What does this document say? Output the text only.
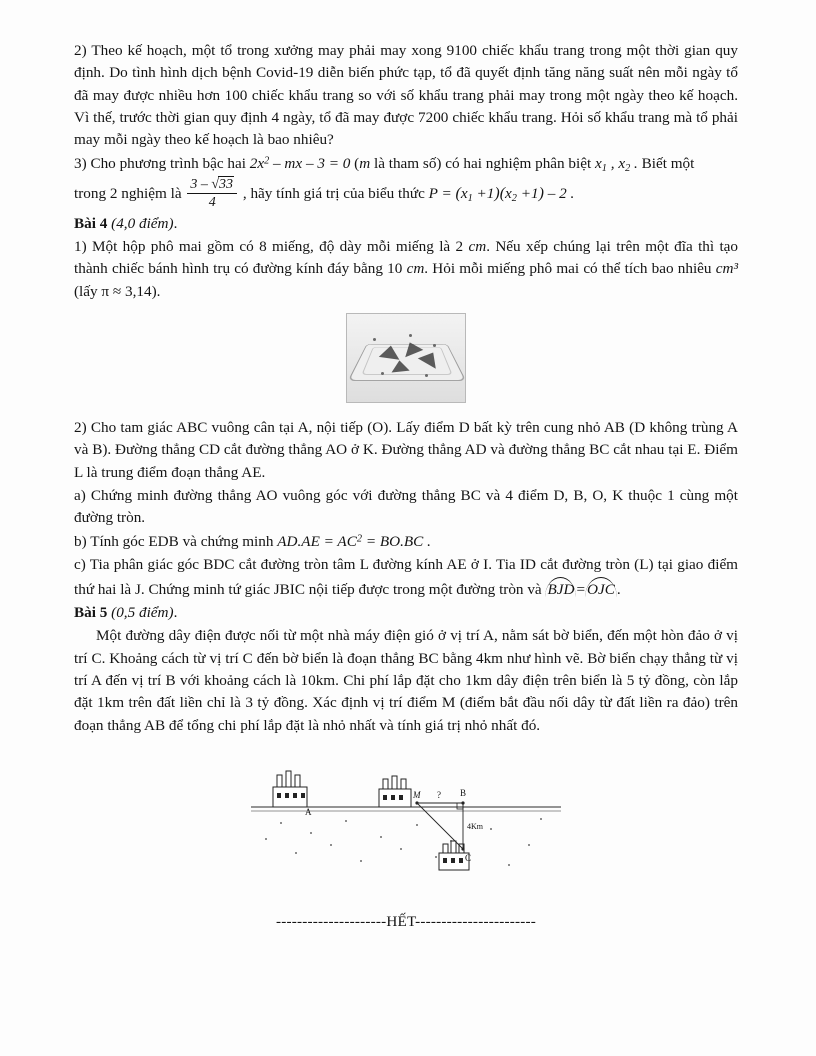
2) Theo kế hoạch, một tổ trong xưởng may phải may xong 9100 chiếc khẩu trang trong một thời gian quy định. Do tình hình dịch bệnh Covid-19 diễn biến phức tạp, tổ đã quyết định tăng năng suất nên mỗi ngày tổ đã may được nhiều hơn 100 chiếc khẩu trang so với số khẩu trang phải may trong một ngày theo kế hoạch. Vì thế, trước thời gian quy định 4 ngày, tổ đã may được 7200 chiếc khẩu trang. Hỏi số khẩu trang mà tổ phải may mỗi ngày theo kế hoạch là bao nhiêu?

3) Cho phương trình bậc hai $2x^2$ – mx – 3 = 0 (m là tham số) có hai nghiệm phân biệt $x_1$ , $x_2$ . Biết một

trong 2 nghiệm là $\frac{3 - √33}{4}$ , hãy tính giá trị của biểu thức $P = (x_1 +1)(x_2 +1) - 2$ .

Bài 4 (4,0 điểm).

1) Một hộp phô mai gồm có 8 miếng, độ dày mỗi miếng là 2 cm. Nếu xếp chúng lại trên một đĩa thì tạo thành chiếc bánh hình trụ có đường kính đáy bằng 10 cm. Hỏi mỗi miếng phô mai có thể tích bao nhiêu cm³ (lấy π ≈ 3,14).

2) Cho tam giác ABC vuông cân tại A, nội tiếp (O). Lấy điểm D bất kỳ trên cung nhỏ AB (D không trùng A và B). Đường thẳng CD cắt đường thẳng AO ở K. Đường thẳng AD và đường thẳng BC cắt nhau tại E. Điểm L là trung điểm đoạn thẳng AE.

a) Chứng minh đường thẳng AO vuông góc với đường thẳng BC và 4 điểm D, B, O, K thuộc 1 cùng một đường tròn.

b) Tính góc EDB và chứng minh $AD.AE = AC^2 = BO.BC$ .

c) Tia phân giác góc BDC cắt đường tròn tâm L đường kính AE ở I. Tia ID cắt đường tròn (L) tại giao điểm thứ hai là J. Chứng minh tứ giác JBIC nội tiếp được trong một đường tròn và BJD = OJC .

Bài 5 (0,5 điểm).

Một đường dây điện được nối từ một nhà máy điện gió ở vị trí A, nằm sát bờ biển, đến một hòn đảo ở vị trí C. Khoảng cách từ vị trí C đến bờ biển là đoạn thẳng BC bằng 4km như hình vẽ. Bờ biển chạy thẳng từ vị trí A đến vị trí B với khoảng cách là 10km. Chi phí lắp đặt cho 1km dây điện trên biển là 5 tỷ đồng, còn lắp đặt 1km trên đất liền chỉ là 3 tỷ đồng. Xác định vị trí điểm M (điểm bắt đầu nối dây từ đất liền ra đảo) trên đoạn thẳng AB để tổng chi phí lắp đặt là nhỏ nhất và tính giá trị nhỏ nhất đó.

A
M	B
C
4Km
?

---------------------HẾT-----------------------
